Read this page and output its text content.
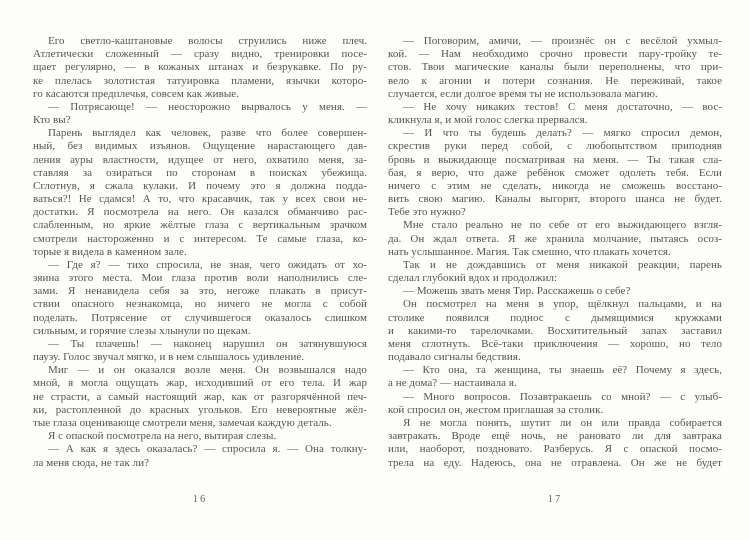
Его светло-каштановые волосы струились ниже плеч.
Атлетически сложенный — сразу видно, тренировки посе-
щает регулярно, — в кожаных штанах и безрукавке. По ру-
ке плелась золотистая татуировка пламени, язычки которо-
го касаются предплечья, совсем как живые.
— Потрясающе! — неосторожно вырвалось у меня. —
Кто вы?
Парень выглядел как человек, разве что более совершен-
ный, без видимых изъянов. Ощущение нарастающего дав-
ления ауры властности, идущее от него, охватило меня, за-
ставляя за озираться по сторонам в поисках убежища.
Сглотнув, я сжала кулаки. И почему это я должна подда-
ваться?! Не сдамся! А то, что красавчик, так у всех свои не-
достатки. Я посмотрела на него. Он казался обманчиво рас-
слабленным, но яркие жёлтые глаза с вертикальным зрачком
смотрели настороженно и с интересом. Те самые глаза, ко-
торые я видела в каменном зале.
— Где я? — тихо спросила, не зная, чего ожидать от хо-
зяина этого места. Мои глаза против воли наполнились сле-
зами. Я ненавидела себя за это, негоже плакать в присут-
ствии опасного незнакомца, но ничего не могла с собой
поделать. Потрясение от случившегося оказалось слишком
сильным, и горячие слезы хлынули по щекам.
— Ты плачешь! — наконец нарушил он затянувшуюся
паузу. Голос звучал мягко, и в нем слышалось удивление.
Миг — и он оказался возле меня. Он возвышался надо
мной, я могла ощущать жар, исходивший от его тела. И жар
не страсти, а самый настоящий жар, как от разгорячённой печ-
ки, растопленной до красных угольков. Его невероятные жёл-
тые глаза оценивающе смотрели меня, замечая каждую деталь.
Я с опаской посмотрела на него, вытирая слезы.
— А как я здесь оказалась? — спросила я. — Она толкну-
ла меня сюда, не так ли?
16
— Поговорим, амичи, — произнёс он с весёлой ухмыл-
кой. — Нам необходимо срочно провести пару-тройку те-
стов. Твои магические каналы были переполнены, что при-
вело к агонии и потери сознания. Не переживай, такое
случается, если долгое время ты не использовала магию.
— Не хочу никаких тестов! С меня достаточно, — вос-
кликнула я, и мой голос слегка прервался.
— И что ты будешь делать? — мягко спросил демон,
скрестив руки перед собой, с любопытством приподняв
бровь и выжидающе посматривая на меня. — Ты такая сла-
бая, я верю, что даже ребёнок сможет одолеть тебя. Если
ничего с этим не сделать, никогда не сможешь восстано-
вить свою магию. Каналы выгорят, второго шанса не будет.
Тебе это нужно?
Мне стало реально не по себе от его выжидающего взгля-
да. Он ждал ответа. Я же хранила молчание, пытаясь осоз-
нать услышанное. Магия. Так смешно, что плакать хочется.
Так и не дождавшись от меня никакой реакции, парень
сделал глубокий вдох и продолжил:
— Можешь звать меня Тир. Расскажешь о себе?
Он посмотрел на меня в упор, щёлкнул пальцами, и на
столике появился поднос с дымящимися кружками
и какими-то тарелочками. Восхитительный запах заставил
меня сглотнуть. Всё-таки приключения — хорошо, но тело
подавало сигналы бедствия.
— Кто она, та женщина, ты знаешь её? Почему я здесь,
а не дома? — настаивала я.
— Много вопросов. Позавтракаешь со мной? — с улыб-
кой спросил он, жестом приглашая за столик.
Я не могла понять, шутит ли он или правда собирается
завтракать. Вроде ещё ночь, не рановато ли для завтрака
или, наоборот, поздновато. Разберусь. Я с опаской посмо-
трела на еду. Надеюсь, она не отравлена. Он же не будет
17
